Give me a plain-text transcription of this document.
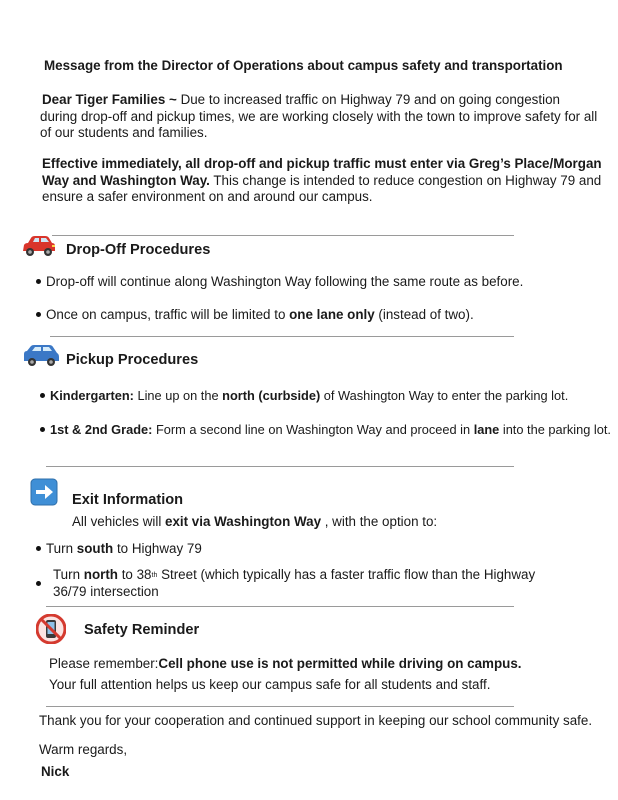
Message from the Director of Operations about campus safety and transportation
Dear Tiger Families ~ Due to increased traffic on Highway 79 and on going congestion during drop-off and pickup times, we are working closely with the town to improve safety for all of our students and families.
Effective immediately, all drop-off and pickup traffic must enter via Greg’s Place/Morgan Way and Washington Way. This change is intended to reduce congestion on Highway 79 and ensure a safer environment on and around our campus.
Drop-Off Procedures
Drop-off will continue along Washington Way following the same route as before.
Once on campus, traffic will be limited to one lane only (instead of two).
Pickup Procedures
Kindergarten: Line up on the north (curbside) of Washington Way to enter the parking lot.
1st & 2nd Grade: Form a second line on Washington Way and proceed in lane into the parking lot.
Exit Information
All vehicles will exit via Washington Way , with the option to:
Turn south to Highway 79
Turn north to 38th Street (which typically has a faster traffic flow than the Highway
36/79 intersection
Safety Reminder
Please remember:Cell phone use is not permitted while driving on campus.
Your full attention helps us keep our campus safe for all students and staff.
Thank you for your cooperation and continued support in keeping our school community safe.
Warm regards,
Nick
